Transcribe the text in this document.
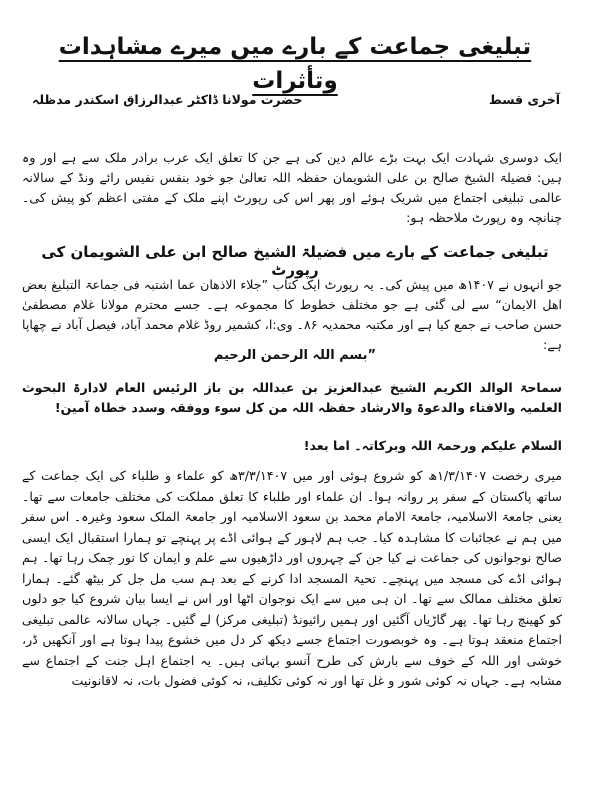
تبلیغی جماعت کے بارے میں میرے مشاہدات وتأثرات
آخری قسط
حضرت مولانا ڈاکٹر عبدالرزاق اسکندر مدظلہ
ایک دوسری شہادت ایک بہت بڑے عالم دین کی ہے جن کا تعلق ایک عرب برادر ملک سے ہے اور وہ ہیں: فضیلۃ الشیخ صالح بن علی الشویمان حفظہ اللہ تعالیٰ جو خود بنفس نفیس رائے ونڈ کے سالانہ عالمی تبلیغی اجتماع میں شریک ہوئے اور پھر اس کی رپورٹ اپنے ملک کے مفتی اعظم کو پیش کی۔ چنانچہ وہ رپورٹ ملاحظہ ہو:
تبلیغی جماعت کے بارے میں فضیلۃ الشیخ صالح ابن علی الشویمان کی رپورٹ
جو انہوں نے ۱۴۰۷ھ میں پیش کی۔ یہ رپورٹ ایک کتاب ”جلاء الاذھان عما اشتبہ فی جماعۃ التبلیغ بعض اھل الایمان“ سے لی گئی ہے جو مختلف خطوط کا مجموعہ ہے۔ جسے محترم مولانا غلام مصطفیٰ حسن صاحب نے جمع کیا ہے اور مکتبہ محمدیہ ۸۶۔ وی:ا، کشمیر روڈ غلام محمد آباد، فیصل آباد نے چھاپا ہے:
”بسم اللہ الرحمن الرحیم
سماحۃ الوالد الکریم الشیخ عبدالعزیز بن عبداللہ بن باز الرئیس العام لادارۃ البحوث العلمیہ والافتاء والدعوۃ والارشاد حفظہ اللہ من کل سوء ووفقہ وسدد خطاہ آمین!
السلام علیکم ورحمۃ اللہ وبرکاتہ۔ اما بعد!
میری رخصت ۱/۳/۱۴۰۷ھ کو شروع ہوئی اور میں ۳/۳/۱۴۰۷ھ کو علماء و طلباء کی ایک جماعت کے ساتھ پاکستان کے سفر پر روانہ ہوا۔ ان علماء اور طلباء کا تعلق مملکت کی مختلف جامعات سے تھا۔ یعنی جامعۃ الاسلامیہ، جامعۃ الامام محمد بن سعود الاسلامیہ اور جامعۃ الملک سعود وغیرہ۔ اس سفر میں ہم نے عجائبات کا مشاہدہ کیا۔ جب ہم لاہور کے ہوائی اڈے پر پہنچے تو ہمارا استقبال ایک ایسی صالح نوجوانوں کی جماعت نے کیا جن کے چہروں اور داڑھیوں سے علم و ایمان کا نور چمک رہا تھا۔ ہم ہوائی اڈے کی مسجد میں پہنچے۔ تحیۃ المسجد ادا کرنے کے بعد ہم سب مل جل کر بیٹھ گئے۔ ہمارا تعلق مختلف ممالک سے تھا۔ ان ہی میں سے ایک نوجوان اٹھا اور اس نے ایسا بیان شروع کیا جو دلوں کو کھینچ رہا تھا۔ پھر گاڑیاں آگئیں اور ہمیں رائیونڈ (تبلیغی مرکز) لے گئیں۔ جہاں سالانہ عالمی تبلیغی اجتماع منعقد ہوتا ہے۔ وہ خوبصورت اجتماع جسے دیکھ کر دل میں خشوع پیدا ہوتا ہے اور آنکھیں ڈر، خوشی اور اللہ کے خوف سے بارش کی طرح آنسو بہاتی ہیں۔ یہ اجتماع اہل جنت کے اجتماع سے مشابہ ہے۔ جہاں نہ کوئی شور و غل تھا اور نہ کوئی تکلیف، نہ کوئی فضول بات، نہ لاقانونیت
